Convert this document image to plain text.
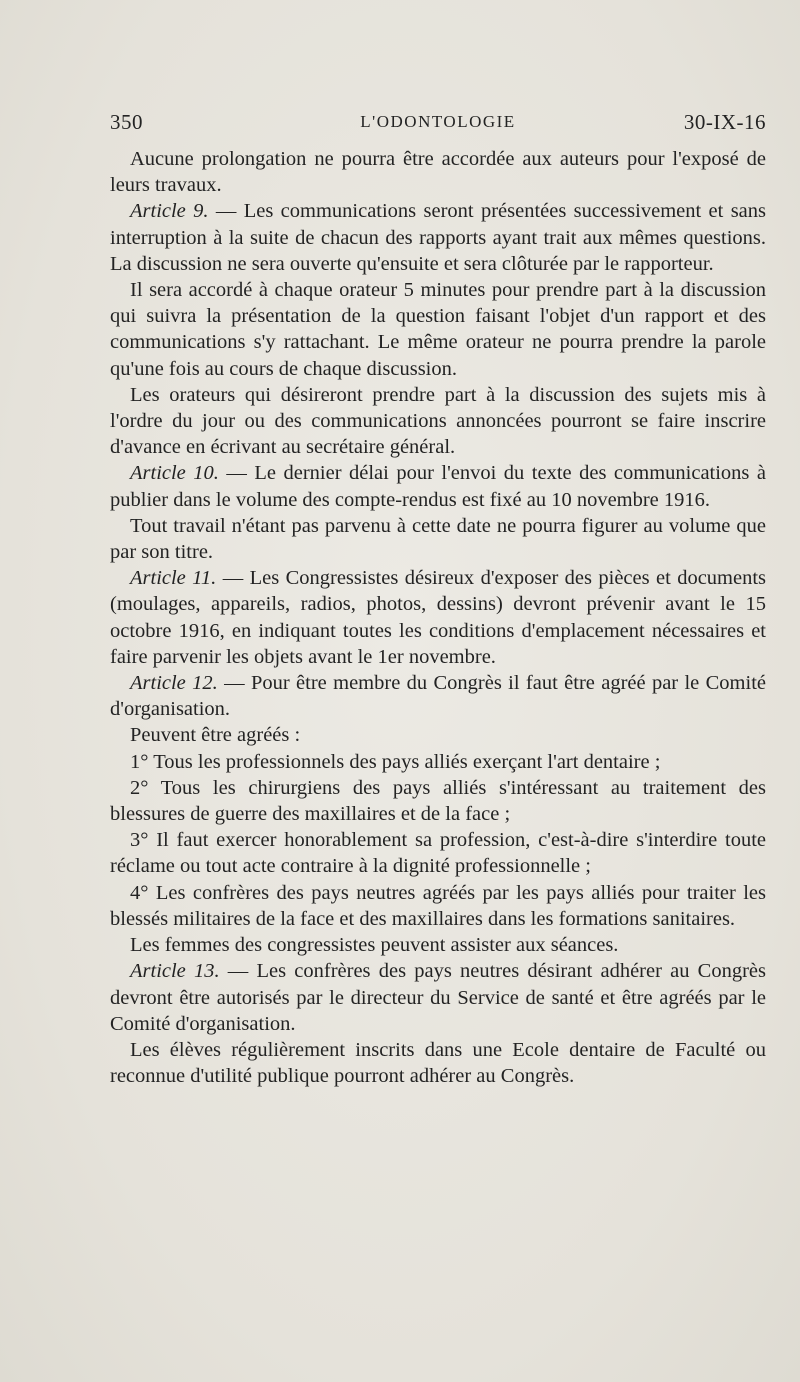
350	L'ODONTOLOGIE	30-IX-16

Aucune prolongation ne pourra être accordée aux auteurs pour l'exposé de leurs travaux.

Article 9. — Les communications seront présentées successivement et sans interruption à la suite de chacun des rapports ayant trait aux mêmes questions. La discussion ne sera ouverte qu'ensuite et sera clôturée par le rapporteur.

Il sera accordé à chaque orateur 5 minutes pour prendre part à la discussion qui suivra la présentation de la question faisant l'objet d'un rapport et des communications s'y rattachant. Le même orateur ne pourra prendre la parole qu'une fois au cours de chaque discussion.

Les orateurs qui désireront prendre part à la discussion des sujets mis à l'ordre du jour ou des communications annoncées pourront se faire inscrire d'avance en écrivant au secrétaire général.

Article 10. — Le dernier délai pour l'envoi du texte des communications à publier dans le volume des compte-rendus est fixé au 10 novembre 1916.

Tout travail n'étant pas parvenu à cette date ne pourra figurer au volume que par son titre.

Article 11. — Les Congressistes désireux d'exposer des pièces et documents (moulages, appareils, radios, photos, dessins) devront prévenir avant le 15 octobre 1916, en indiquant toutes les conditions d'emplacement nécessaires et faire parvenir les objets avant le 1er novembre.

Article 12. — Pour être membre du Congrès il faut être agréé par le Comité d'organisation.

Peuvent être agréés :

1° Tous les professionnels des pays alliés exerçant l'art dentaire ;

2° Tous les chirurgiens des pays alliés s'intéressant au traitement des blessures de guerre des maxillaires et de la face ;

3° Il faut exercer honorablement sa profession, c'est-à-dire s'interdire toute réclame ou tout acte contraire à la dignité professionnelle ;

4° Les confrères des pays neutres agréés par les pays alliés pour traiter les blessés militaires de la face et des maxillaires dans les formations sanitaires.

Les femmes des congressistes peuvent assister aux séances.

Article 13. — Les confrères des pays neutres désirant adhérer au Congrès devront être autorisés par le directeur du Service de santé et être agréés par le Comité d'organisation.

Les élèves régulièrement inscrits dans une Ecole dentaire de Faculté ou reconnue d'utilité publique pourront adhérer au Congrès.
